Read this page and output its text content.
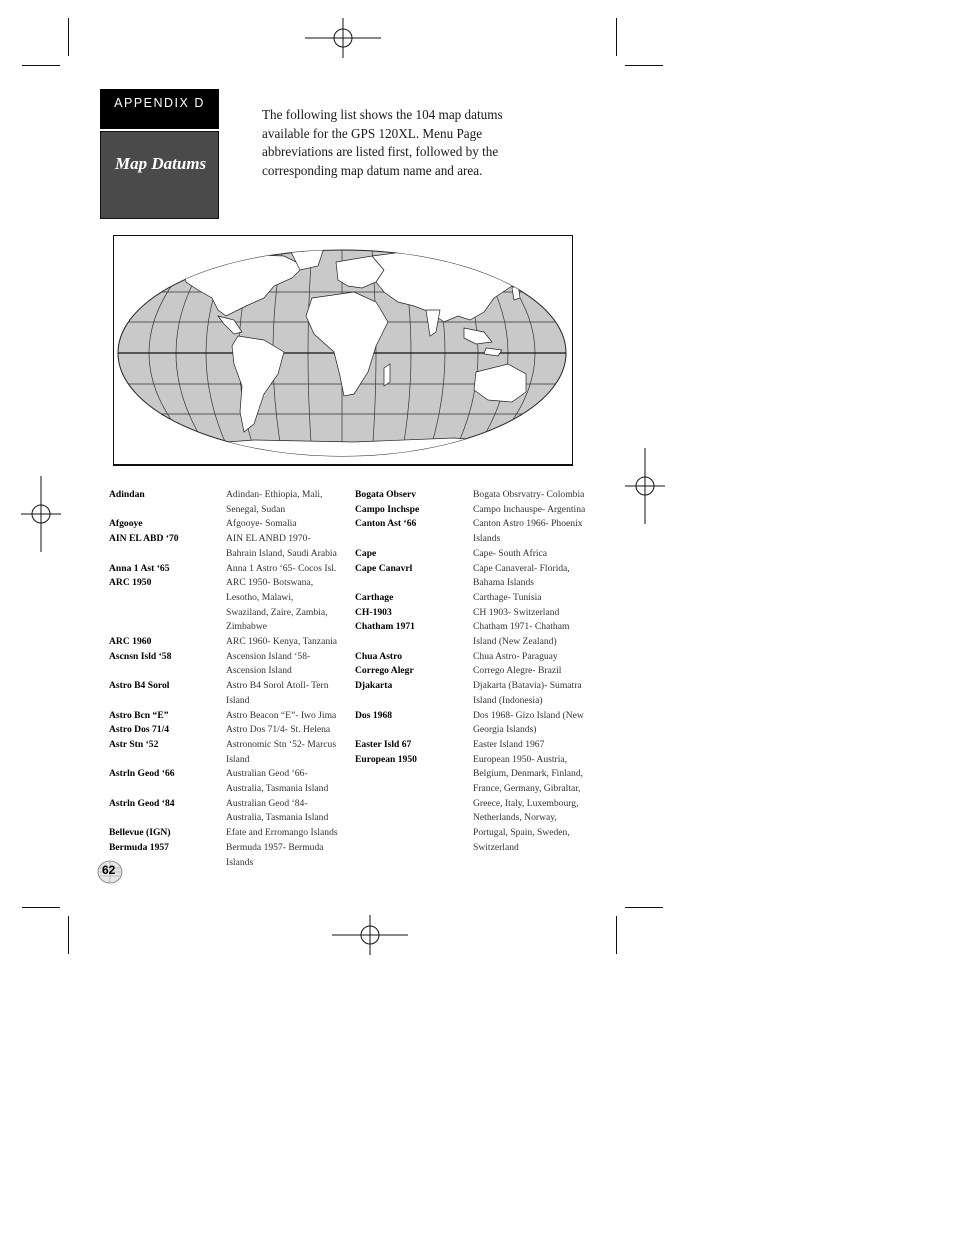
APPENDIX D
Map Datums

The following list shows the 104 map datums available for the GPS 120XL. Menu Page abbreviations are listed first, followed by the corresponding map datum name and area.

Adindan	Adindan- Ethiopia, Mali, Senegal, Sudan
Afgooye	Afgooye- Somalia
AIN EL ABD ‘70	AIN EL ANBD 1970- Bahrain Island, Saudi Arabia
Anna 1 Ast ‘65	Anna 1 Astro ‘65- Cocos Isl.
ARC 1950	ARC 1950- Botswana, Lesotho, Malawi, Swaziland, Zaire, Zambia, Zimbabwe
ARC 1960	ARC 1960- Kenya, Tanzania
Ascnsn Isld ‘58	Ascension Island ‘58- Ascension Island
Astro B4 Sorol	Astro B4 Sorol Atoll- Tern Island
Astro Bcn “E”	Astro Beacon “E”- Iwo Jima
Astro Dos 71/4	Astro Dos 71/4- St. Helena
Astr Stn ‘52	Astronomic Stn ‘52- Marcus Island
Astrln Geod ‘66	Australian Geod ‘66- Australia, Tasmania Island
Astrln Geod ‘84	Australian Geod ‘84- Australia, Tasmania Island
Bellevue (IGN)	Efate and Erromango Islands
Bermuda 1957	Bermuda 1957- Bermuda Islands
Bogata Observ	Bogata Obsrvatry- Colombia
Campo Inchspe	Campo Inchauspe- Argentina
Canton Ast ‘66	Canton Astro 1966- Phoenix Islands
Cape	Cape- South Africa
Cape Canavrl	Cape Canaveral- Florida, Bahama Islands
Carthage	Carthage- Tunisia
CH-1903	CH 1903- Switzerland
Chatham 1971	Chatham 1971- Chatham Island (New Zealand)
Chua Astro	Chua Astro- Paraguay
Corrego Alegr	Corrego Alegre- Brazil
Djakarta	Djakarta (Batavia)- Sumatra Island (Indonesia)
Dos 1968	Dos 1968- Gizo Island (New Georgia Islands)
Easter Isld 67	Easter Island 1967
European 1950	European 1950- Austria, Belgium, Denmark, Finland, France, Germany, Gibraltar, Greece, Italy, Luxembourg, Netherlands, Norway, Portugal, Spain, Sweden, Switzerland
62
